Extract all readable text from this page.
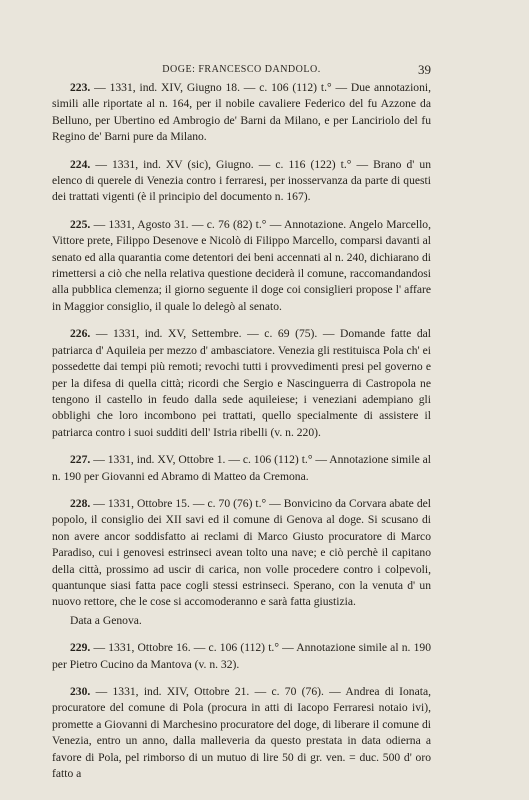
DOGE: FRANCESCO DANDOLO.	39

223. — 1331, ind. XIV, Giugno 18. — c. 106 (112) t.° — Due annotazioni, simili alle riportate al n. 164, per il nobile cavaliere Federico del fu Azzone da Belluno, per Ubertino ed Ambrogio de' Barni da Milano, e per Lanciriolo del fu Regino de' Barni pure da Milano.

224. — 1331, ind. XV (sic), Giugno. — c. 116 (122) t.° — Brano d' un elenco di querele di Venezia contro i ferraresi, per inosservanza da parte di questi dei trattati vigenti (è il principio del documento n. 167).

225. — 1331, Agosto 31. — c. 76 (82) t.° — Annotazione. Angelo Marcello, Vittore prete, Filippo Desenove e Nicolò di Filippo Marcello, comparsi davanti al senato ed alla quarantia come detentori dei beni accennati al n. 240, dichiarano di rimettersi a ciò che nella relativa questione deciderà il comune, raccomandandosi alla pubblica clemenza; il giorno seguente il doge coi consiglieri propose l' affare in Maggior consiglio, il quale lo delegò al senato.

226. — 1331, ind. XV, Settembre. — c. 69 (75). — Domande fatte dal patriarca d' Aquileia per mezzo d' ambasciatore. Venezia gli restituisca Pola ch' ei possedette dai tempi più remoti; revochi tutti i provvedimenti presi pel governo e per la difesa di quella città; ricordi che Sergio e Nascinguerra di Castropola ne tengono il castello in feudo dalla sede aquileiese; i veneziani adempiano gli obblighi che loro incombono pei trattati, quello specialmente di assistere il patriarca contro i suoi sudditi dell' Istria ribelli (v. n. 220).

227. — 1331, ind. XV, Ottobre 1. — c. 106 (112) t.° — Annotazione simile al n. 190 per Giovanni ed Abramo di Matteo da Cremona.

228. — 1331, Ottobre 15. — c. 70 (76) t.° — Bonvicino da Corvara abate del popolo, il consiglio dei XII savi ed il comune di Genova al doge. Si scusano di non avere ancor soddisfatto ai reclami di Marco Giusto procuratore di Marco Paradiso, cui i genovesi estrinseci avean tolto una nave; e ciò perchè il capitano della città, prossimo ad uscir di carica, non volle procedere contro i colpevoli, quantunque siasi fatta pace cogli stessi estrinseci. Sperano, con la venuta d' un nuovo rettore, che le cose si accomoderanno e sarà fatta giustizia.

Data a Genova.

229. — 1331, Ottobre 16. — c. 106 (112) t.° — Annotazione simile al n. 190 per Pietro Cucino da Mantova (v. n. 32).

230. — 1331, ind. XIV, Ottobre 21. — c. 70 (76). — Andrea di Ionata, procuratore del comune di Pola (procura in atti di Iacopo Ferraresi notaio ivi), promette a Giovanni di Marchesino procuratore del doge, di liberare il comune di Venezia, entro un anno, dalla malleveria da questo prestata in data odierna a favore di Pola, pel rimborso di un mutuo di lire 50 di gr. ven. = duc. 500 d' oro fatto a
